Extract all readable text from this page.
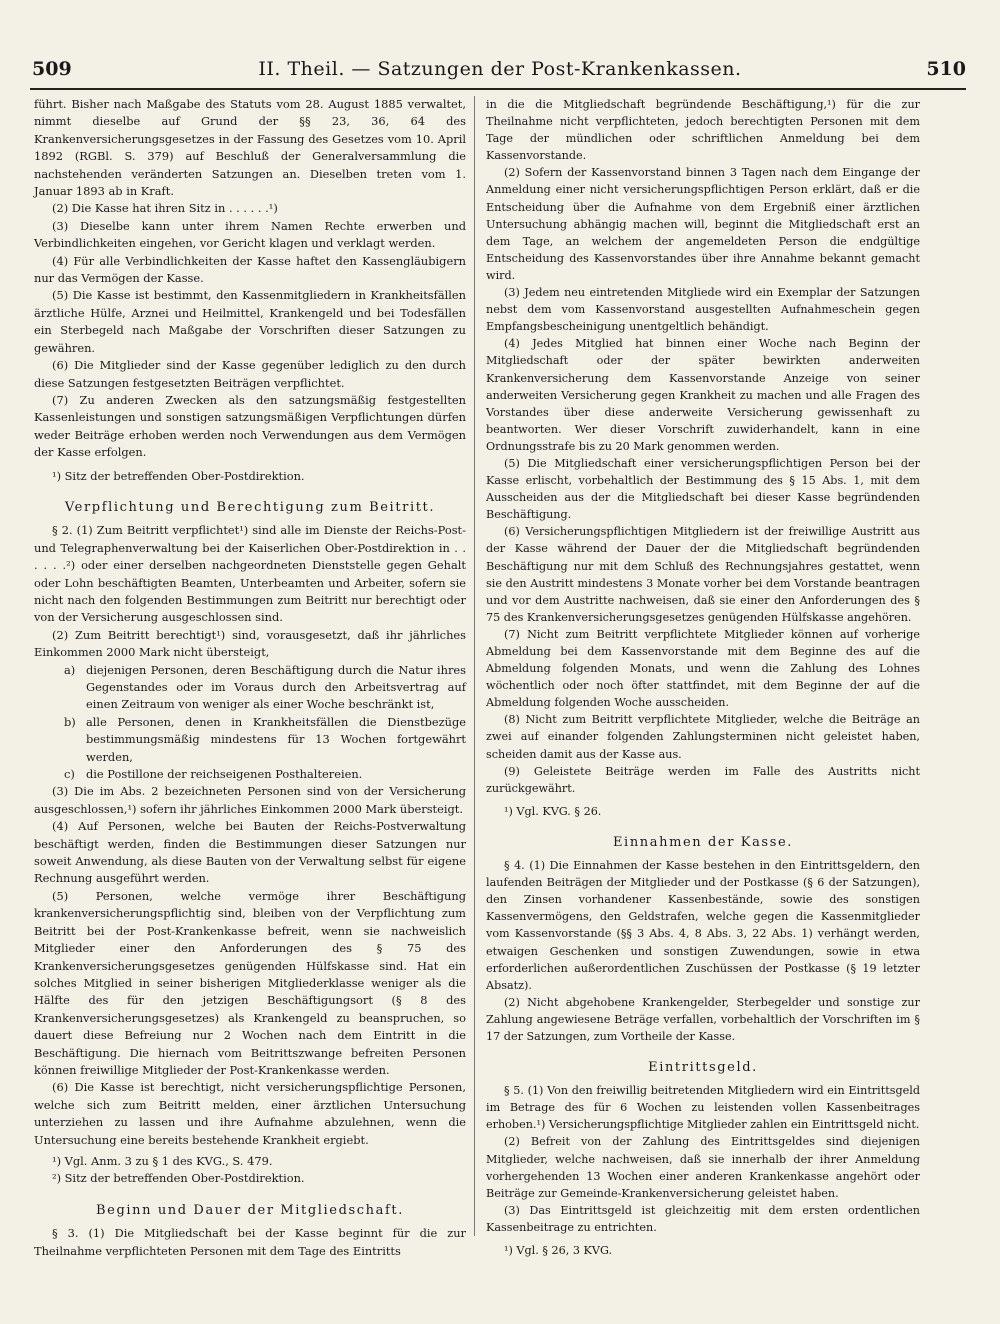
509	II. Theil. — Satzungen der Post-Krankenkassen.	510

führt. Bisher nach Maßgabe des Statuts vom 28. August 1885 verwaltet, nimmt dieselbe auf Grund der §§ 23, 36, 64 des Krankenversicherungsgesetzes in der Fassung des Gesetzes vom 10. April 1892 (RGBl. S. 379) auf Beschluß der Generalversammlung die nachstehenden veränderten Satzungen an. Dieselben treten vom 1. Januar 1893 ab in Kraft.

(2) Die Kasse hat ihren Sitz in . . . . . .¹)

(3) Dieselbe kann unter ihrem Namen Rechte erwerben und Verbindlichkeiten eingehen, vor Gericht klagen und verklagt werden.

(4) Für alle Verbindlichkeiten der Kasse haftet den Kassengläubigern nur das Vermögen der Kasse.

(5) Die Kasse ist bestimmt, den Kassenmitgliedern in Krankheitsfällen ärztliche Hülfe, Arznei und Heilmittel, Krankengeld und bei Todesfällen ein Sterbegeld nach Maßgabe der Vorschriften dieser Satzungen zu gewähren.

(6) Die Mitglieder sind der Kasse gegenüber lediglich zu den durch diese Satzungen festgesetzten Beiträgen verpflichtet.

(7) Zu anderen Zwecken als den satzungsmäßig festgestellten Kassenleistungen und sonstigen satzungsmäßigen Verpflichtungen dürfen weder Beiträge erhoben werden noch Verwendungen aus dem Vermögen der Kasse erfolgen.

¹) Sitz der betreffenden Ober-Postdirektion.

Verpflichtung und Berechtigung zum Beitritt.

§ 2. (1) Zum Beitritt verpflichtet¹) sind alle im Dienste der Reichs-Post- und Telegraphenverwaltung bei der Kaiserlichen Ober-Postdirektion in . . . . . .²) oder einer derselben nachgeordneten Dienststelle gegen Gehalt oder Lohn beschäftigten Beamten, Unterbeamten und Arbeiter, sofern sie nicht nach den folgenden Bestimmungen zum Beitritt nur berechtigt oder von der Versicherung ausgeschlossen sind.

(2) Zum Beitritt berechtigt¹) sind, vorausgesetzt, daß ihr jährliches Einkommen 2000 Mark nicht übersteigt,

a) diejenigen Personen, deren Beschäftigung durch die Natur ihres Gegenstandes oder im Voraus durch den Arbeitsvertrag auf einen Zeitraum von weniger als einer Woche beschränkt ist,
b) alle Personen, denen in Krankheitsfällen die Dienstbezüge bestimmungsmäßig mindestens für 13 Wochen fortgewährt werden,
c) die Postillone der reichseigenen Posthaltereien.

(3) Die im Abs. 2 bezeichneten Personen sind von der Versicherung ausgeschlossen,¹) sofern ihr jährliches Einkommen 2000 Mark übersteigt.

(4) Auf Personen, welche bei Bauten der Reichs-Postverwaltung beschäftigt werden, finden die Bestimmungen dieser Satzungen nur soweit Anwendung, als diese Bauten von der Verwaltung selbst für eigene Rechnung ausgeführt werden.

(5) Personen, welche vermöge ihrer Beschäftigung krankenversicherungspflichtig sind, bleiben von der Verpflichtung zum Beitritt bei der Post-Krankenkasse befreit, wenn sie nachweislich Mitglieder einer den Anforderungen des § 75 des Krankenversicherungsgesetzes genügenden Hülfskasse sind. Hat ein solches Mitglied in seiner bisherigen Mitgliederklasse weniger als die Hälfte des für den jetzigen Beschäftigungsort (§ 8 des Krankenversicherungsgesetzes) als Krankengeld zu beanspruchen, so dauert diese Befreiung nur 2 Wochen nach dem Eintritt in die Beschäftigung. Die hiernach vom Beitrittszwange befreiten Personen können freiwillige Mitglieder der Post-Krankenkasse werden.

(6) Die Kasse ist berechtigt, nicht versicherungspflichtige Personen, welche sich zum Beitritt melden, einer ärztlichen Untersuchung unterziehen zu lassen und ihre Aufnahme abzulehnen, wenn die Untersuchung eine bereits bestehende Krankheit ergiebt.

¹) Vgl. Anm. 3 zu § 1 des KVG., S. 479.

²) Sitz der betreffenden Ober-Postdirektion.

Beginn und Dauer der Mitgliedschaft.

§ 3. (1) Die Mitgliedschaft bei der Kasse beginnt für die zur Theilnahme verpflichteten Personen mit dem Tage des Eintritts

in die die Mitgliedschaft begründende Beschäftigung,¹) für die zur Theilnahme nicht verpflichteten, jedoch berechtigten Personen mit dem Tage der mündlichen oder schriftlichen Anmeldung bei dem Kassenvorstande.

(2) Sofern der Kassenvorstand binnen 3 Tagen nach dem Eingange der Anmeldung einer nicht versicherungspflichtigen Person erklärt, daß er die Entscheidung über die Aufnahme von dem Ergebniß einer ärztlichen Untersuchung abhängig machen will, beginnt die Mitgliedschaft erst an dem Tage, an welchem der angemeldeten Person die endgültige Entscheidung des Kassenvorstandes über ihre Annahme bekannt gemacht wird.

(3) Jedem neu eintretenden Mitgliede wird ein Exemplar der Satzungen nebst dem vom Kassenvorstand ausgestellten Aufnahmeschein gegen Empfangsbescheinigung unentgeltlich behändigt.

(4) Jedes Mitglied hat binnen einer Woche nach Beginn der Mitgliedschaft oder der später bewirkten anderweiten Krankenversicherung dem Kassenvorstande Anzeige von seiner anderweiten Versicherung gegen Krankheit zu machen und alle Fragen des Vorstandes über diese anderweite Versicherung gewissenhaft zu beantworten. Wer dieser Vorschrift zuwiderhandelt, kann in eine Ordnungsstrafe bis zu 20 Mark genommen werden.

(5) Die Mitgliedschaft einer versicherungspflichtigen Person bei der Kasse erlischt, vorbehaltlich der Bestimmung des § 15 Abs. 1, mit dem Ausscheiden aus der die Mitgliedschaft bei dieser Kasse begründenden Beschäftigung.

(6) Versicherungspflichtigen Mitgliedern ist der freiwillige Austritt aus der Kasse während der Dauer der die Mitgliedschaft begründenden Beschäftigung nur mit dem Schluß des Rechnungsjahres gestattet, wenn sie den Austritt mindestens 3 Monate vorher bei dem Vorstande beantragen und vor dem Austritte nachweisen, daß sie einer den Anforderungen des § 75 des Krankenversicherungsgesetzes genügenden Hülfskasse angehören.

(7) Nicht zum Beitritt verpflichtete Mitglieder können auf vorherige Abmeldung bei dem Kassenvorstande mit dem Beginne des auf die Abmeldung folgenden Monats, und wenn die Zahlung des Lohnes wöchentlich oder noch öfter stattfindet, mit dem Beginne der auf die Abmeldung folgenden Woche ausscheiden.

(8) Nicht zum Beitritt verpflichtete Mitglieder, welche die Beiträge an zwei auf einander folgenden Zahlungsterminen nicht geleistet haben, scheiden damit aus der Kasse aus.

(9) Geleistete Beiträge werden im Falle des Austritts nicht zurückgewährt.

¹) Vgl. KVG. § 26.

Einnahmen der Kasse.

§ 4. (1) Die Einnahmen der Kasse bestehen in den Eintrittsgeldern, den laufenden Beiträgen der Mitglieder und der Postkasse (§ 6 der Satzungen), den Zinsen vorhandener Kassenbestände, sowie des sonstigen Kassenvermögens, den Geldstrafen, welche gegen die Kassenmitglieder vom Kassenvorstande (§§ 3 Abs. 4, 8 Abs. 3, 22 Abs. 1) verhängt werden, etwaigen Geschenken und sonstigen Zuwendungen, sowie in etwa erforderlichen außerordentlichen Zuschüssen der Postkasse (§ 19 letzter Absatz).

(2) Nicht abgehobene Krankengelder, Sterbegelder und sonstige zur Zahlung angewiesene Beträge verfallen, vorbehaltlich der Vorschriften im § 17 der Satzungen, zum Vortheile der Kasse.

Eintrittsgeld.

§ 5. (1) Von den freiwillig beitretenden Mitgliedern wird ein Eintrittsgeld im Betrage des für 6 Wochen zu leistenden vollen Kassenbeitrages erhoben.¹) Versicherungspflichtige Mitglieder zahlen ein Eintrittsgeld nicht.

(2) Befreit von der Zahlung des Eintrittsgeldes sind diejenigen Mitglieder, welche nachweisen, daß sie innerhalb der ihrer Anmeldung vorhergehenden 13 Wochen einer anderen Krankenkasse angehört oder Beiträge zur Gemeinde-Krankenversicherung geleistet haben.

(3) Das Eintrittsgeld ist gleichzeitig mit dem ersten ordentlichen Kassenbeitrage zu entrichten.

¹) Vgl. § 26, 3 KVG.
